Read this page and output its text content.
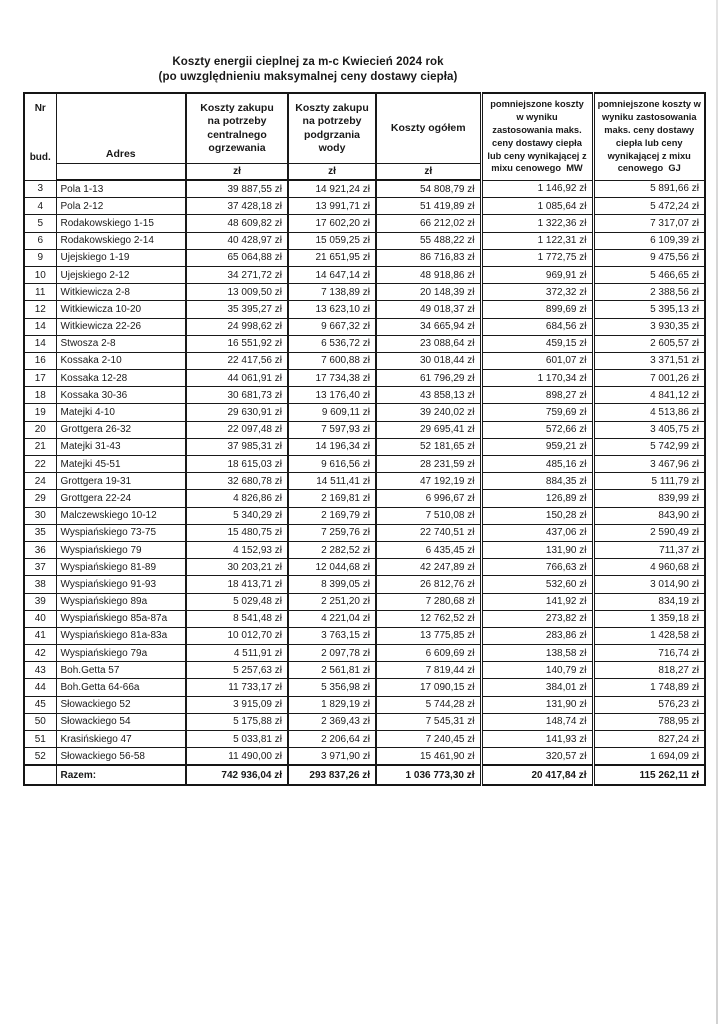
Koszty energii cieplnej za m-c Kwiecień 2024 rok
(po uwzględnieniu maksymalnej ceny dostawy ciepła)
Nr
bud.	Adres	Koszty zakupu na potrzeby centralnego ogrzewania	Koszty zakupu na potrzeby podgrzania wody	Koszty ogółem	pomniejszone koszty w wyniku zastosowania maks. ceny dostawy ciepła lub ceny wynikającej z mixu cenowego MW	pomniejszone koszty w wyniku zastosowania maks. ceny dostawy ciepła lub ceny wynikającej z mixu cenowego GJ
		zł	zł	zł		
3	Pola 1-13	39 887,55 zł	14 921,24 zł	54 808,79 zł	1 146,92 zł	5 891,66 zł
4	Pola 2-12	37 428,18 zł	13 991,71 zł	51 419,89 zł	1 085,64 zł	5 472,24 zł
5	Rodakowskiego 1-15	48 609,82 zł	17 602,20 zł	66 212,02 zł	1 322,36 zł	7 317,07 zł
6	Rodakowskiego 2-14	40 428,97 zł	15 059,25 zł	55 488,22 zł	1 122,31 zł	6 109,39 zł
9	Ujejskiego 1-19	65 064,88 zł	21 651,95 zł	86 716,83 zł	1 772,75 zł	9 475,56 zł
10	Ujejskiego 2-12	34 271,72 zł	14 647,14 zł	48 918,86 zł	969,91 zł	5 466,65 zł
11	Witkiewicza 2-8	13 009,50 zł	7 138,89 zł	20 148,39 zł	372,32 zł	2 388,56 zł
12	Witkiewicza 10-20	35 395,27 zł	13 623,10 zł	49 018,37 zł	899,69 zł	5 395,13 zł
14	Witkiewicza 22-26	24 998,62 zł	9 667,32 zł	34 665,94 zł	684,56 zł	3 930,35 zł
14	Stwosza 2-8	16 551,92 zł	6 536,72 zł	23 088,64 zł	459,15 zł	2 605,57 zł
16	Kossaka 2-10	22 417,56 zł	7 600,88 zł	30 018,44 zł	601,07 zł	3 371,51 zł
17	Kossaka 12-28	44 061,91 zł	17 734,38 zł	61 796,29 zł	1 170,34 zł	7 001,26 zł
18	Kossaka 30-36	30 681,73 zł	13 176,40 zł	43 858,13 zł	898,27 zł	4 841,12 zł
19	Matejki 4-10	29 630,91 zł	9 609,11 zł	39 240,02 zł	759,69 zł	4 513,86 zł
20	Grottgera 26-32	22 097,48 zł	7 597,93 zł	29 695,41 zł	572,66 zł	3 405,75 zł
21	Matejki 31-43	37 985,31 zł	14 196,34 zł	52 181,65 zł	959,21 zł	5 742,99 zł
22	Matejki 45-51	18 615,03 zł	9 616,56 zł	28 231,59 zł	485,16 zł	3 467,96 zł
24	Grottgera 19-31	32 680,78 zł	14 511,41 zł	47 192,19 zł	884,35 zł	5 111,79 zł
29	Grottgera 22-24	4 826,86 zł	2 169,81 zł	6 996,67 zł	126,89 zł	839,99 zł
30	Malczewskiego 10-12	5 340,29 zł	2 169,79 zł	7 510,08 zł	150,28 zł	843,90 zł
35	Wyspiańskiego 73-75	15 480,75 zł	7 259,76 zł	22 740,51 zł	437,06 zł	2 590,49 zł
36	Wyspiańskiego 79	4 152,93 zł	2 282,52 zł	6 435,45 zł	131,90 zł	711,37 zł
37	Wyspiańskiego 81-89	30 203,21 zł	12 044,68 zł	42 247,89 zł	766,63 zł	4 960,68 zł
38	Wyspiańskiego 91-93	18 413,71 zł	8 399,05 zł	26 812,76 zł	532,60 zł	3 014,90 zł
39	Wyspiańskiego 89a	5 029,48 zł	2 251,20 zł	7 280,68 zł	141,92 zł	834,19 zł
40	Wyspiańskiego 85a-87a	8 541,48 zł	4 221,04 zł	12 762,52 zł	273,82 zł	1 359,18 zł
41	Wyspiańskiego 81a-83a	10 012,70 zł	3 763,15 zł	13 775,85 zł	283,86 zł	1 428,58 zł
42	Wyspiańskiego 79a	4 511,91 zł	2 097,78 zł	6 609,69 zł	138,58 zł	716,74 zł
43	Boh.Getta 57	5 257,63 zł	2 561,81 zł	7 819,44 zł	140,79 zł	818,27 zł
44	Boh.Getta 64-66a	11 733,17 zł	5 356,98 zł	17 090,15 zł	384,01 zł	1 748,89 zł
45	Słowackiego 52	3 915,09 zł	1 829,19 zł	5 744,28 zł	131,90 zł	576,23 zł
50	Słowackiego 54	5 175,88 zł	2 369,43 zł	7 545,31 zł	148,74 zł	788,95 zł
51	Krasińskiego 47	5 033,81 zł	2 206,64 zł	7 240,45 zł	141,93 zł	827,24 zł
52	Słowackiego 56-58	11 490,00 zł	3 971,90 zł	15 461,90 zł	320,57 zł	1 694,09 zł
	Razem:	742 936,04 zł	293 837,26 zł	1 036 773,30 zł	20 417,84 zł	115 262,11 zł
